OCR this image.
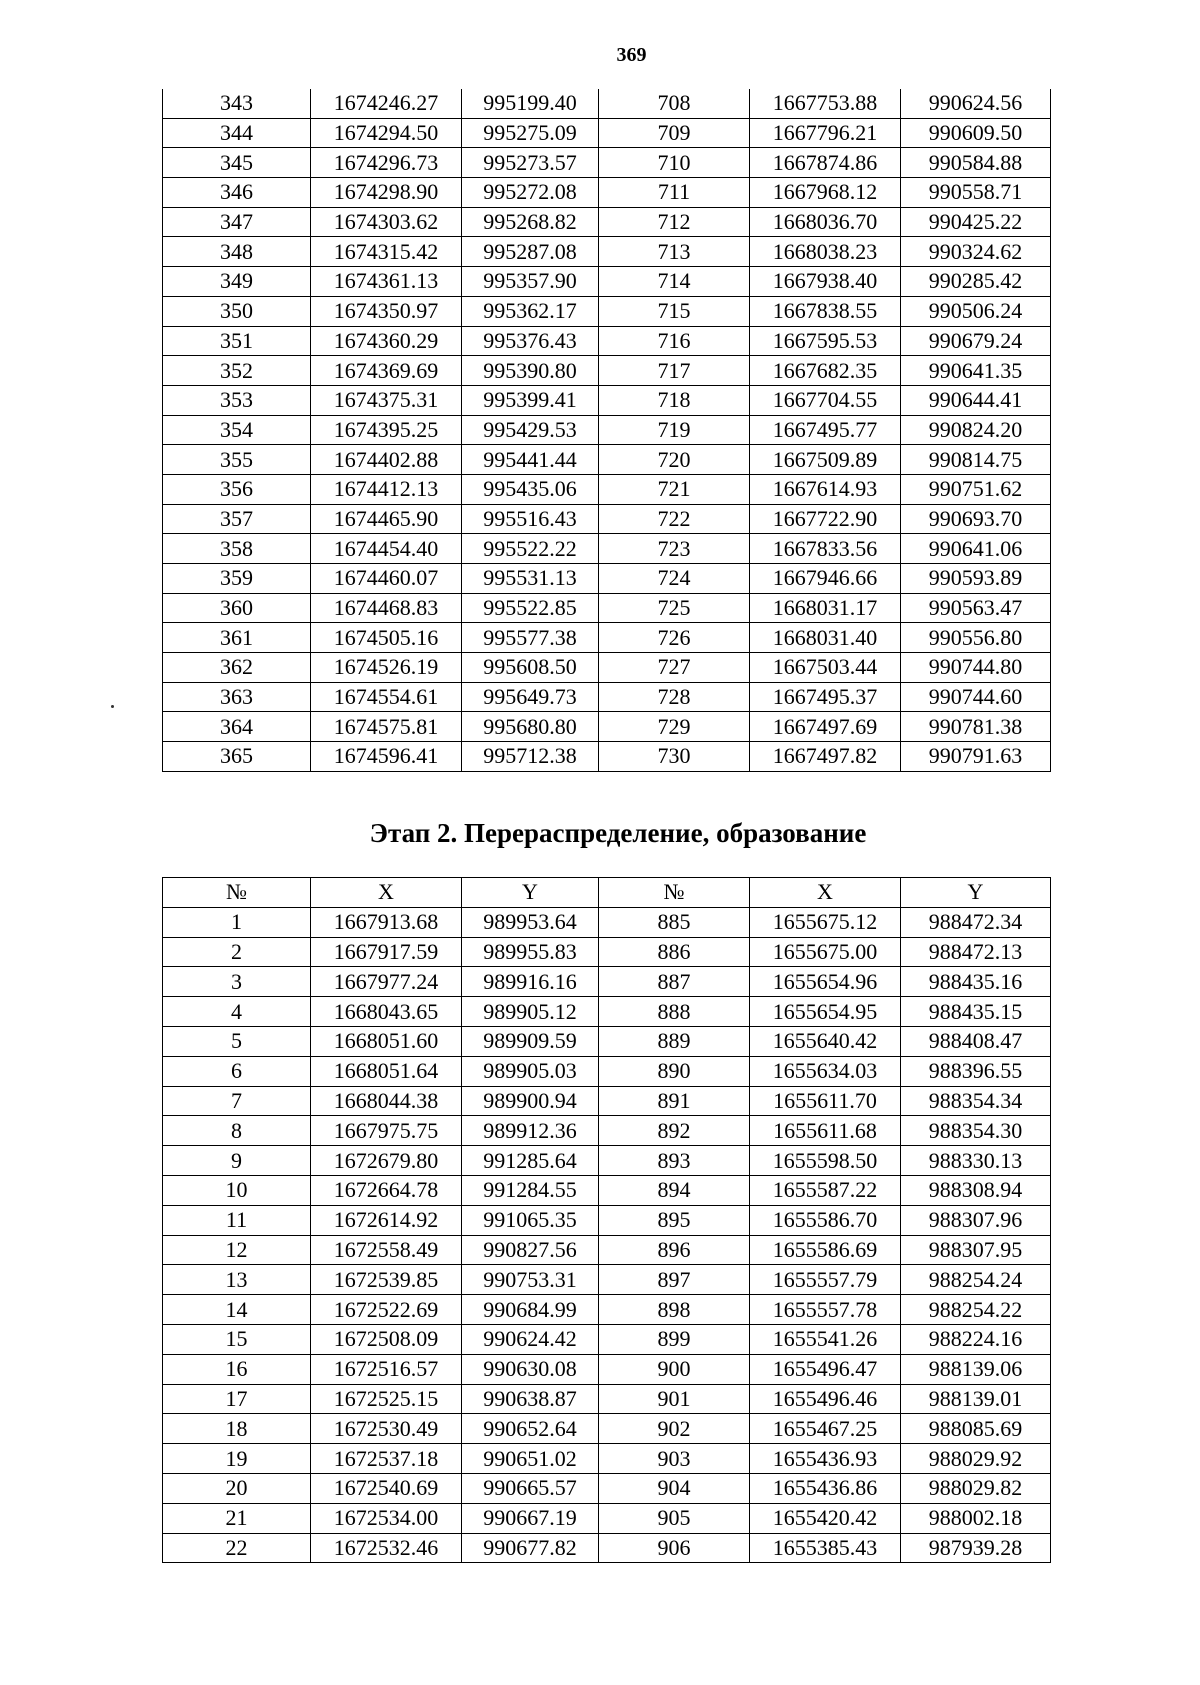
369
343	1674246.27	995199.40	708	1667753.88	990624.56
344	1674294.50	995275.09	709	1667796.21	990609.50
345	1674296.73	995273.57	710	1667874.86	990584.88
346	1674298.90	995272.08	711	1667968.12	990558.71
347	1674303.62	995268.82	712	1668036.70	990425.22
348	1674315.42	995287.08	713	1668038.23	990324.62
349	1674361.13	995357.90	714	1667938.40	990285.42
350	1674350.97	995362.17	715	1667838.55	990506.24
351	1674360.29	995376.43	716	1667595.53	990679.24
352	1674369.69	995390.80	717	1667682.35	990641.35
353	1674375.31	995399.41	718	1667704.55	990644.41
354	1674395.25	995429.53	719	1667495.77	990824.20
355	1674402.88	995441.44	720	1667509.89	990814.75
356	1674412.13	995435.06	721	1667614.93	990751.62
357	1674465.90	995516.43	722	1667722.90	990693.70
358	1674454.40	995522.22	723	1667833.56	990641.06
359	1674460.07	995531.13	724	1667946.66	990593.89
360	1674468.83	995522.85	725	1668031.17	990563.47
361	1674505.16	995577.38	726	1668031.40	990556.80
362	1674526.19	995608.50	727	1667503.44	990744.80
363	1674554.61	995649.73	728	1667495.37	990744.60
364	1674575.81	995680.80	729	1667497.69	990781.38
365	1674596.41	995712.38	730	1667497.82	990791.63
Этап 2. Перераспределение, образование
№	X	Y	№	X	Y
1	1667913.68	989953.64	885	1655675.12	988472.34
2	1667917.59	989955.83	886	1655675.00	988472.13
3	1667977.24	989916.16	887	1655654.96	988435.16
4	1668043.65	989905.12	888	1655654.95	988435.15
5	1668051.60	989909.59	889	1655640.42	988408.47
6	1668051.64	989905.03	890	1655634.03	988396.55
7	1668044.38	989900.94	891	1655611.70	988354.34
8	1667975.75	989912.36	892	1655611.68	988354.30
9	1672679.80	991285.64	893	1655598.50	988330.13
10	1672664.78	991284.55	894	1655587.22	988308.94
11	1672614.92	991065.35	895	1655586.70	988307.96
12	1672558.49	990827.56	896	1655586.69	988307.95
13	1672539.85	990753.31	897	1655557.79	988254.24
14	1672522.69	990684.99	898	1655557.78	988254.22
15	1672508.09	990624.42	899	1655541.26	988224.16
16	1672516.57	990630.08	900	1655496.47	988139.06
17	1672525.15	990638.87	901	1655496.46	988139.01
18	1672530.49	990652.64	902	1655467.25	988085.69
19	1672537.18	990651.02	903	1655436.93	988029.92
20	1672540.69	990665.57	904	1655436.86	988029.82
21	1672534.00	990667.19	905	1655420.42	988002.18
22	1672532.46	990677.82	906	1655385.43	987939.28
